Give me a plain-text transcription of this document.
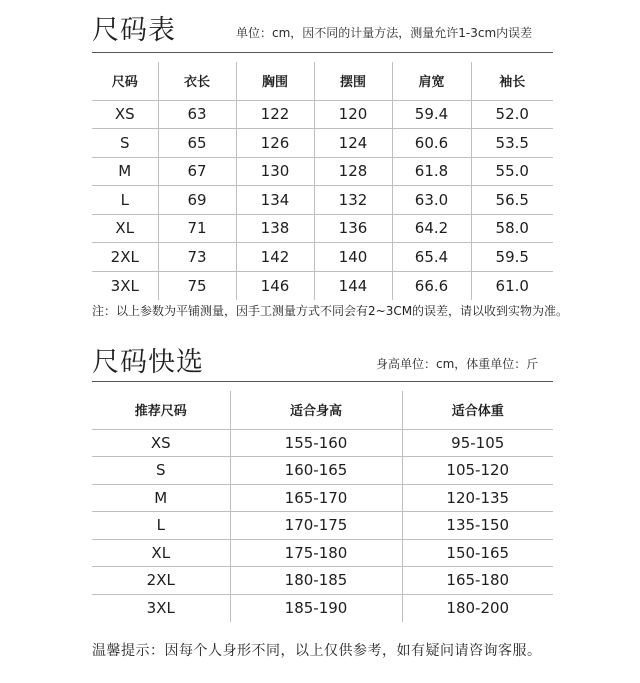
尺码表	单位：cm，因不同的计量方法，测量允许1-3cm内误差
尺码	衣长	胸围	摆围	肩宽	袖长
XS	63	122	120	59.4	52.0
S	65	126	124	60.6	53.5
M	67	130	128	61.8	55.0
L	69	134	132	63.0	56.5
XL	71	138	136	64.2	58.0
2XL	73	142	140	65.4	59.5
3XL	75	146	144	66.6	61.0
注：以上参数为平铺测量，因手工测量方式不同会有2~3CM的误差，请以收到实物为准。
尺码快选	身高单位：cm，体重单位：斤
推荐尺码	适合身高	适合体重
XS	155-160	95-105
S	160-165	105-120
M	165-170	120-135
L	170-175	135-150
XL	175-180	150-165
2XL	180-185	165-180
3XL	185-190	180-200
温馨提示：因每个人身形不同，以上仅供参考，如有疑问请咨询客服。
